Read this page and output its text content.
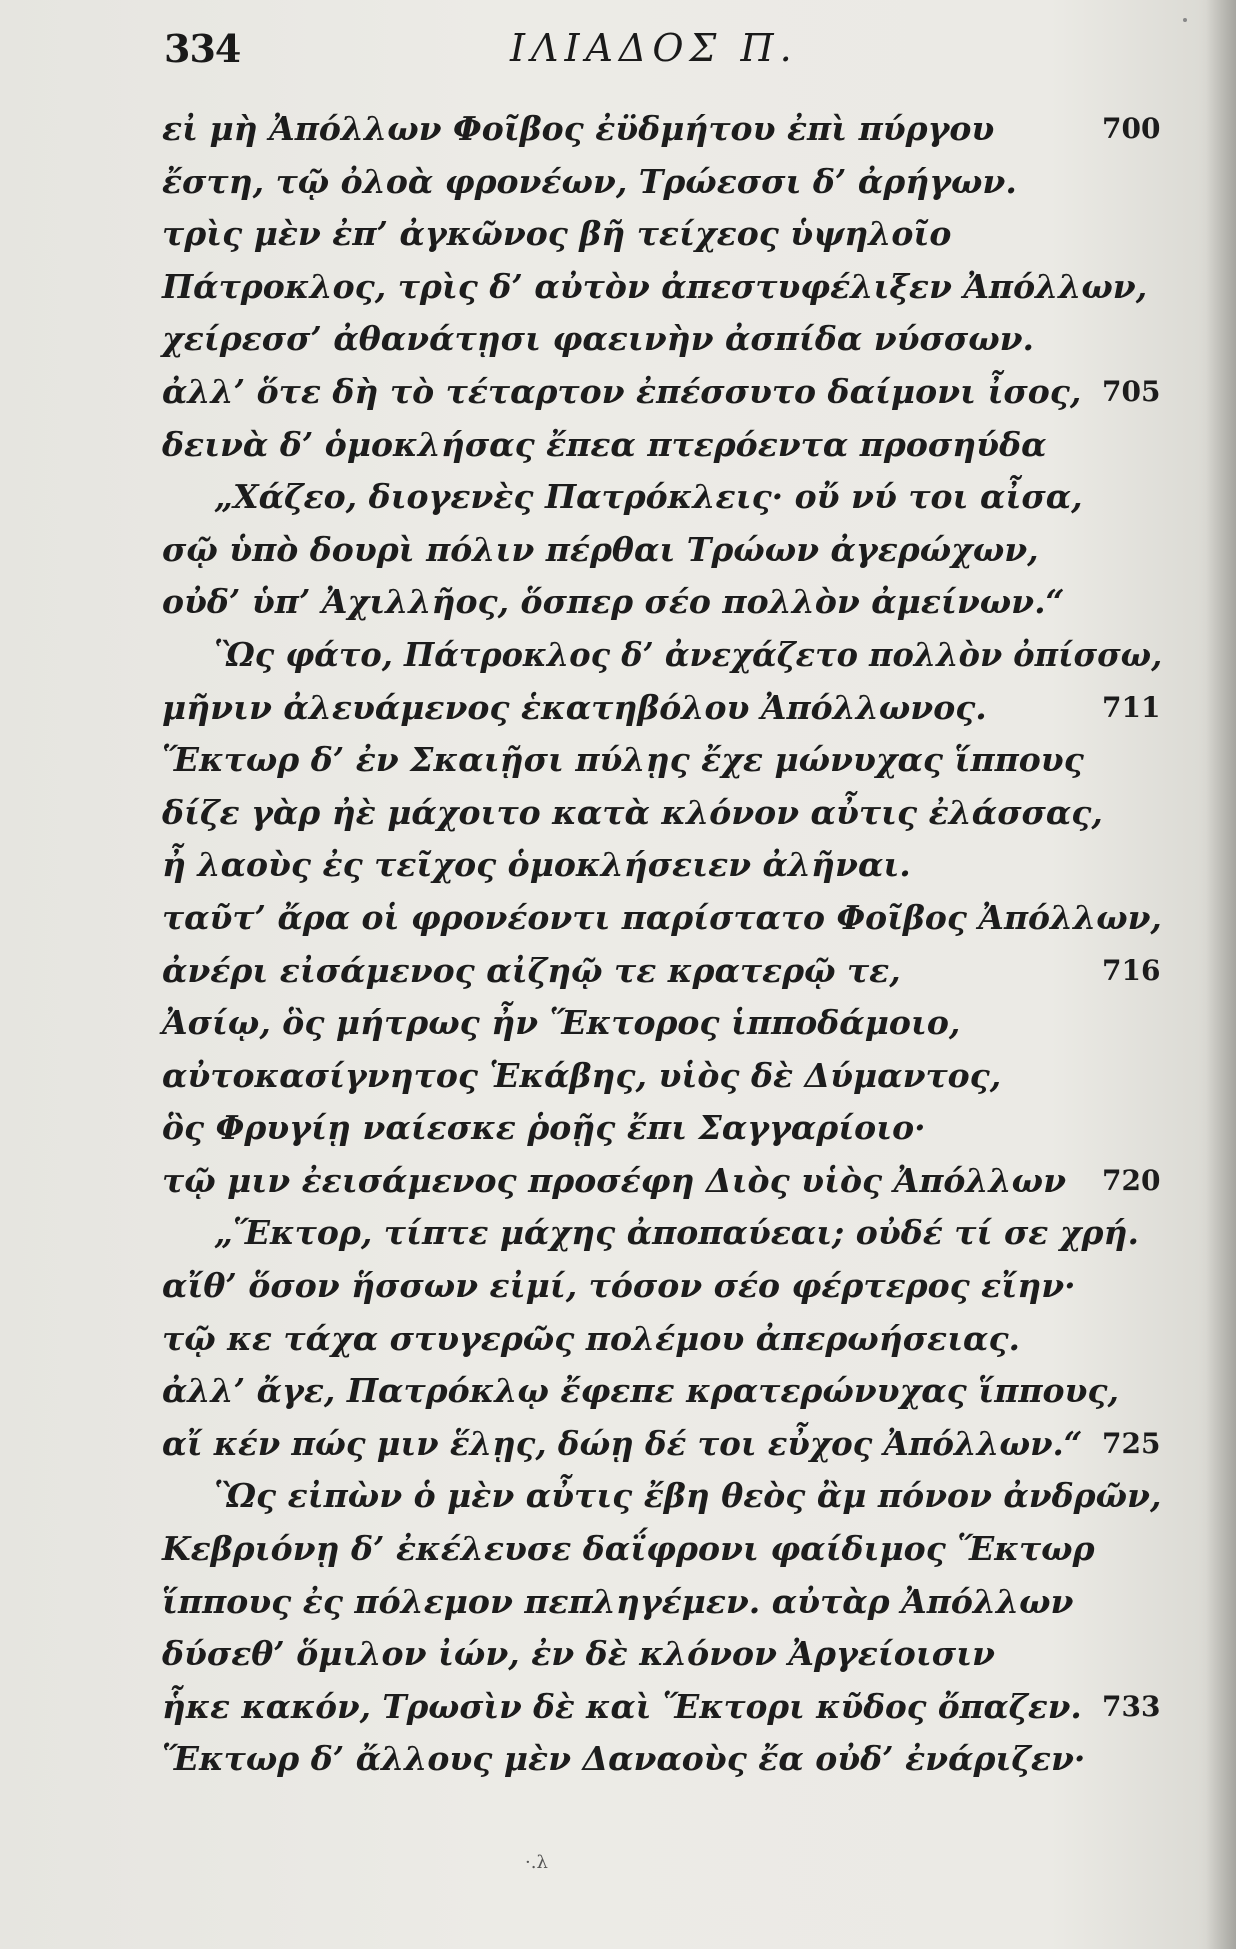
334	ΙΛΙΑΔΟΣ Π.
εἰ μὴ Ἀπόλλων Φοῖβος ἐϋδμήτου ἐπὶ πύργου	700
ἔστη, τῷ ὀλοὰ φρονέων, Τρώεσσι δ’ ἀρήγων.
τρὶς μὲν ἐπ’ ἀγκῶνος βῆ τείχεος ὑψηλοῖο
Πάτροκλος, τρὶς δ’ αὐτὸν ἀπεστυφέλιξεν Ἀπόλλων,
χείρεσσ’ ἀθανάτῃσι φαεινὴν ἀσπίδα νύσσων.
ἀλλ’ ὅτε δὴ τὸ τέταρτον ἐπέσσυτο δαίμονι ἶσος, 705
δεινὰ δ’ ὁμοκλήσας ἔπεα πτερόεντα προσηύδα
„Χάζεο, διογενὲς Πατρόκλεις· οὔ νύ τοι αἶσα,
σῷ ὑπὸ δουρὶ πόλιν πέρθαι Τρώων ἀγερώχων,
οὐδ’ ὑπ’ Ἀχιλλῆος, ὅσπερ σέο πολλὸν ἀμείνων.“
Ὣς φάτο, Πάτροκλος δ’ ἀνεχάζετο πολλὸν ὀπίσσω,
μῆνιν ἀλευάμενος ἑκατηβόλου Ἀπόλλωνος.	711
Ἕκτωρ δ’ ἐν Σκαιῇσι πύλῃς ἔχε μώνυχας ἵππους
δίζε γὰρ ἠὲ μάχοιτο κατὰ κλόνον αὖτις ἐλάσσας,
ἦ λαοὺς ἐς τεῖχος ὁμοκλήσειεν ἀλῆναι.
ταῦτ’ ἄρα οἱ φρονέοντι παρίστατο Φοῖβος Ἀπόλλων,
ἀνέρι εἰσάμενος αἰζηῷ τε κρατερῷ τε,	716
Ἀσίῳ, ὃς μήτρως ἦν Ἕκτορος ἱπποδάμοιο,
αὐτοκασίγνητος Ἑκάβης, υἱὸς δὲ Δύμαντος,
ὃς Φρυγίῃ ναίεσκε ῥοῇς ἔπι Σαγγαρίοιο·
τῷ μιν ἐεισάμενος προσέφη Διὸς υἱὸς Ἀπόλλων 720
„Ἕκτορ, τίπτε μάχης ἀποπαύεαι; οὐδέ τί σε χρή.
αἴθ’ ὅσον ἥσσων εἰμί, τόσον σέο φέρτερος εἴην·
τῷ κε τάχα στυγερῶς πολέμου ἀπερωήσειας.
ἀλλ’ ἄγε, Πατρόκλῳ ἔφεπε κρατερώνυχας ἵππους,
αἴ κέν πώς μιν ἕλῃς, δώῃ δέ τοι εὖχος Ἀπόλλων.“ 725
Ὣς εἰπὼν ὁ μὲν αὖτις ἔβη θεὸς ἂμ πόνον ἀνδρῶν,
Κεβριόνῃ δ’ ἐκέλευσε δαΐφρονι φαίδιμος Ἕκτωρ
ἵππους ἐς πόλεμον πεπληγέμεν. αὐτὰρ Ἀπόλλων
δύσεθ’ ὅμιλον ἰών, ἐν δὲ κλόνον Ἀργείοισιν
ἧκε κακόν, Τρωσὶν δὲ καὶ Ἕκτορι κῦδος ὄπαζεν. 733
Ἕκτωρ δ’ ἄλλους μὲν Δαναοὺς ἔα οὐδ’ ἐνάριζεν·
·.λ
